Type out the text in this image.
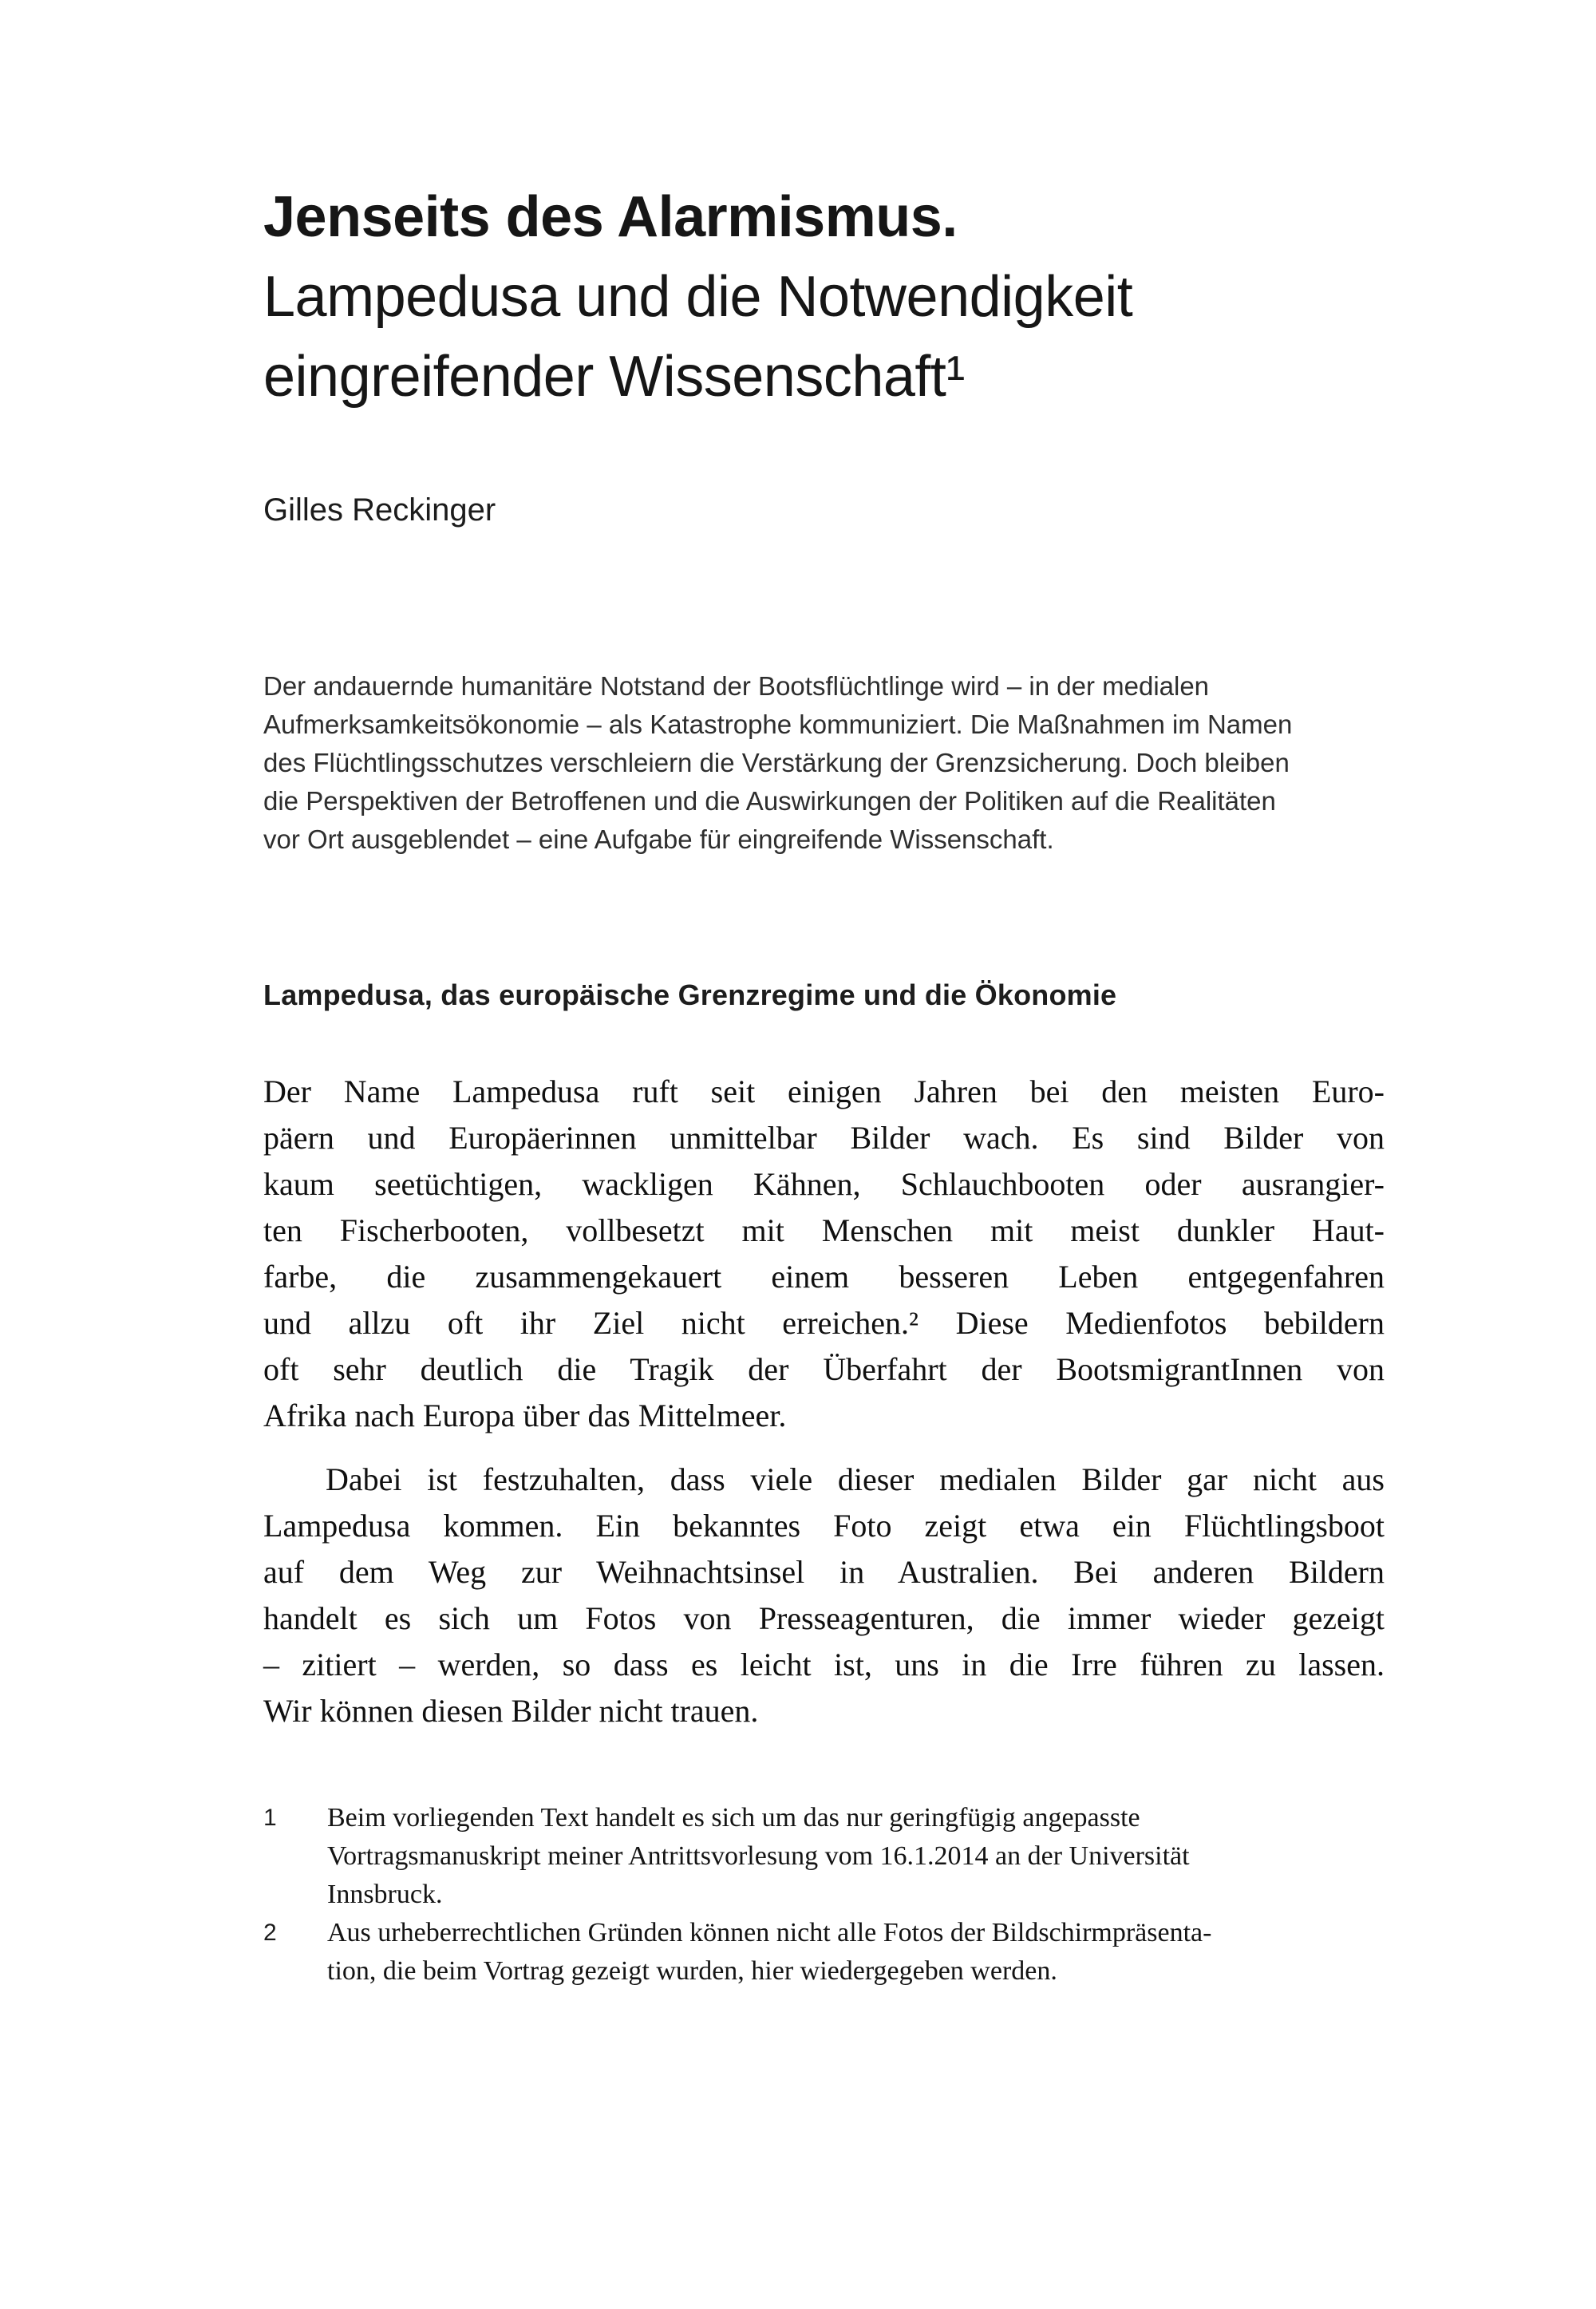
Jenseits des Alarmismus.
Lampedusa und die Notwendigkeit
eingreifender Wissenschaft¹
Gilles Reckinger
Der andauernde humanitäre Notstand der Bootsflüchtlinge wird – in der medialen
Aufmerksamkeitsökonomie – als Katastrophe kommuniziert. Die Maßnahmen im Namen
des Flüchtlingsschutzes verschleiern die Verstärkung der Grenzsicherung. Doch bleiben
die Perspektiven der Betroffenen und die Auswirkungen der Politiken auf die Realitäten
vor Ort ausgeblendet – eine Aufgabe für eingreifende Wissenschaft.
Lampedusa, das europäische Grenzregime und die Ökonomie
Der Name Lampedusa ruft seit einigen Jahren bei den meisten Euro-
päern und Europäerinnen unmittelbar Bilder wach. Es sind Bilder von
kaum seetüchtigen, wackligen Kähnen, Schlauchbooten oder ausrangier-
ten Fischerbooten, vollbesetzt mit Menschen mit meist dunkler Haut-
farbe, die zusammengekauert einem besseren Leben entgegenfahren
und allzu oft ihr Ziel nicht erreichen.² Diese Medienfotos bebildern
oft sehr deutlich die Tragik der Überfahrt der BootsmigrantInnen von
Afrika nach Europa über das Mittelmeer.
Dabei ist festzuhalten, dass viele dieser medialen Bilder gar nicht aus
Lampedusa kommen. Ein bekanntes Foto zeigt etwa ein Flüchtlingsboot
auf dem Weg zur Weihnachtsinsel in Australien. Bei anderen Bildern
handelt es sich um Fotos von Presseagenturen, die immer wieder gezeigt
– zitiert – werden, so dass es leicht ist, uns in die Irre führen zu lassen.
Wir können diesen Bilder nicht trauen.
1	Beim vorliegenden Text handelt es sich um das nur geringfügig angepasste
Vortragsmanuskript meiner Antrittsvorlesung vom 16.1.2014 an der Universität
Innsbruck.
2	Aus urheberrechtlichen Gründen können nicht alle Fotos der Bildschirmpräsenta-
tion, die beim Vortrag gezeigt wurden, hier wiedergegeben werden.
